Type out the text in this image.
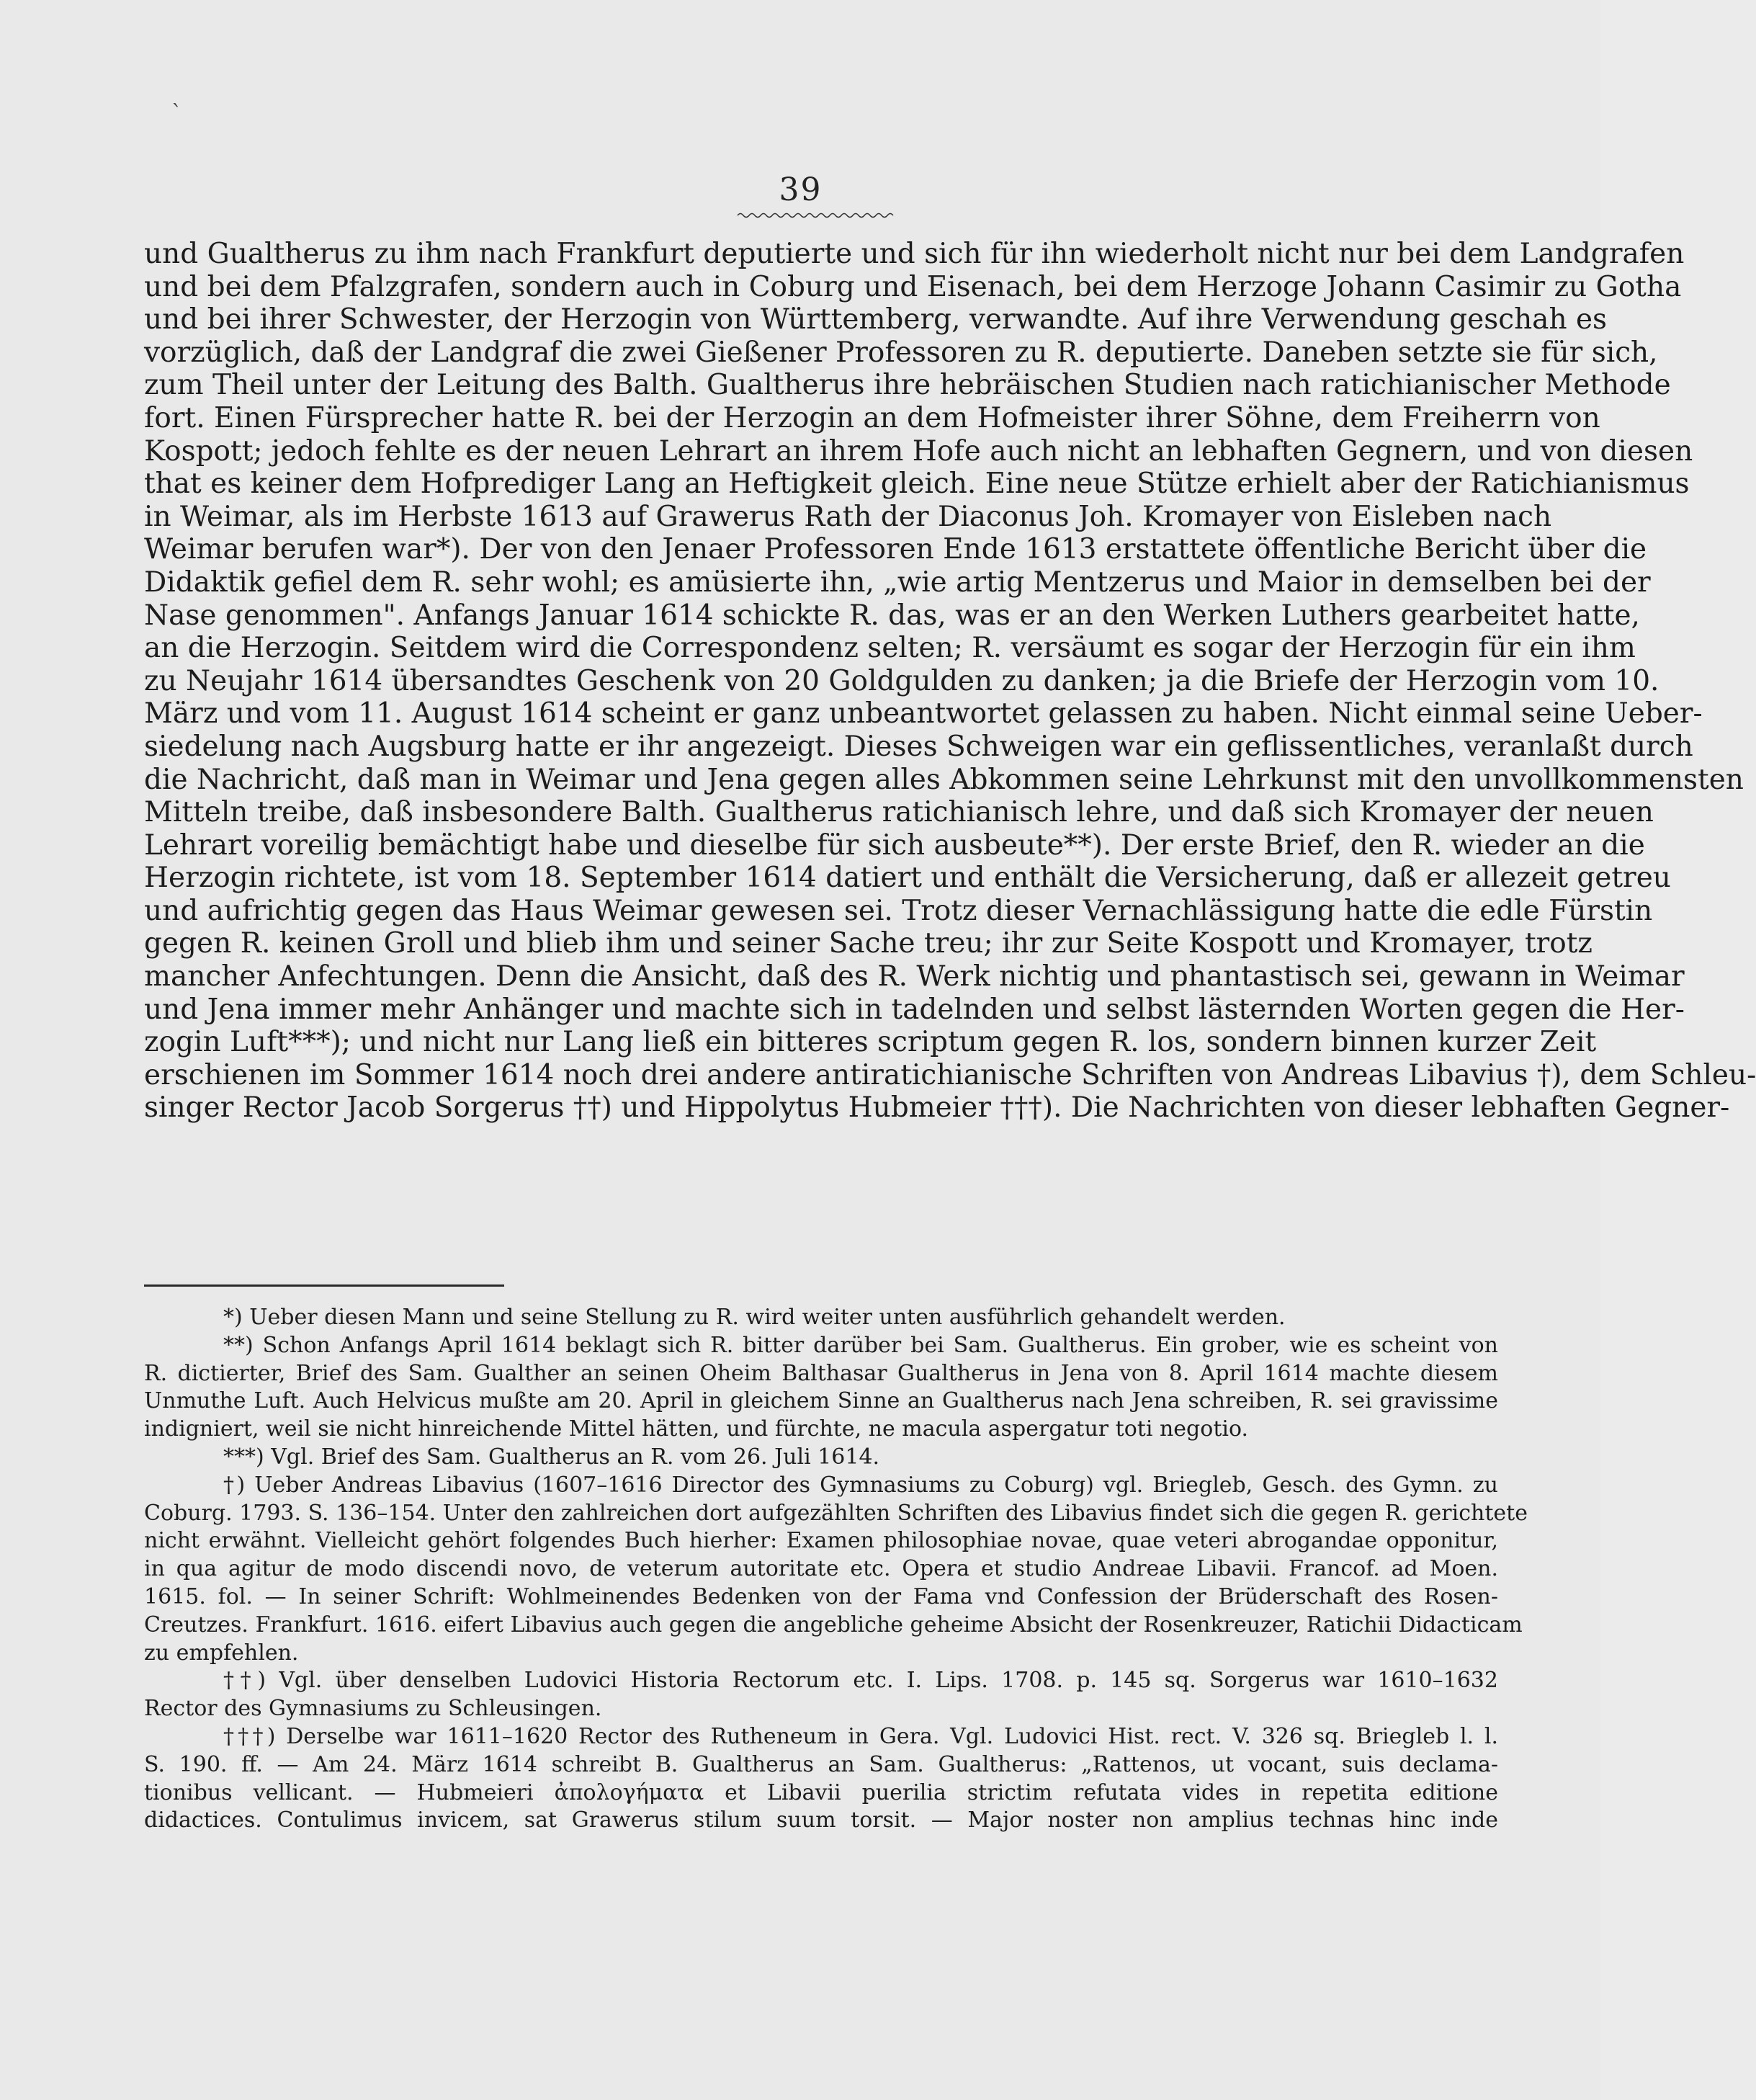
39
ˋ
und Gualtherus zu ihm nach Frankfurt deputierte und sich für ihn wiederholt nicht nur bei dem Landgrafen
und bei dem Pfalzgrafen, sondern auch in Coburg und Eisenach, bei dem Herzoge Johann Casimir zu Gotha
und bei ihrer Schwester, der Herzogin von Württemberg, verwandte. Auf ihre Verwendung geschah es
vorzüglich, daß der Landgraf die zwei Gießener Professoren zu R. deputierte. Daneben setzte sie für sich,
zum Theil unter der Leitung des Balth. Gualtherus ihre hebräischen Studien nach ratichianischer Methode
fort. Einen Fürsprecher hatte R. bei der Herzogin an dem Hofmeister ihrer Söhne, dem Freiherrn von
Kospott; jedoch fehlte es der neuen Lehrart an ihrem Hofe auch nicht an lebhaften Gegnern, und von diesen
that es keiner dem Hofprediger Lang an Heftigkeit gleich. Eine neue Stütze erhielt aber der Ratichianismus
in Weimar, als im Herbste 1613 auf Grawerus Rath der Diaconus Joh. Kromayer von Eisleben nach
Weimar berufen war*). Der von den Jenaer Professoren Ende 1613 erstattete öffentliche Bericht über die
Didaktik gefiel dem R. sehr wohl; es amüsierte ihn, „wie artig Mentzerus und Maior in demselben bei der
Nase genommen". Anfangs Januar 1614 schickte R. das, was er an den Werken Luthers gearbeitet hatte,
an die Herzogin. Seitdem wird die Correspondenz selten; R. versäumt es sogar der Herzogin für ein ihm
zu Neujahr 1614 übersandtes Geschenk von 20 Goldgulden zu danken; ja die Briefe der Herzogin vom 10.
März und vom 11. August 1614 scheint er ganz unbeantwortet gelassen zu haben. Nicht einmal seine Ueber-
siedelung nach Augsburg hatte er ihr angezeigt. Dieses Schweigen war ein geflissentliches, veranlaßt durch
die Nachricht, daß man in Weimar und Jena gegen alles Abkommen seine Lehrkunst mit den unvollkommensten
Mitteln treibe, daß insbesondere Balth. Gualtherus ratichianisch lehre, und daß sich Kromayer der neuen
Lehrart voreilig bemächtigt habe und dieselbe für sich ausbeute**). Der erste Brief, den R. wieder an die
Herzogin richtete, ist vom 18. September 1614 datiert und enthält die Versicherung, daß er allezeit getreu
und aufrichtig gegen das Haus Weimar gewesen sei. Trotz dieser Vernachlässigung hatte die edle Fürstin
gegen R. keinen Groll und blieb ihm und seiner Sache treu; ihr zur Seite Kospott und Kromayer, trotz
mancher Anfechtungen. Denn die Ansicht, daß des R. Werk nichtig und phantastisch sei, gewann in Weimar
und Jena immer mehr Anhänger und machte sich in tadelnden und selbst lästernden Worten gegen die Her-
zogin Luft***); und nicht nur Lang ließ ein bitteres scriptum gegen R. los, sondern binnen kurzer Zeit
erschienen im Sommer 1614 noch drei andere antiratichianische Schriften von Andreas Libavius †), dem Schleu-
singer Rector Jacob Sorgerus ††) und Hippolytus Hubmeier †††). Die Nachrichten von dieser lebhaften Gegner-
*) Ueber diesen Mann und seine Stellung zu R. wird weiter unten ausführlich gehandelt werden.
**) Schon Anfangs April 1614 beklagt sich R. bitter darüber bei Sam. Gualtherus. Ein grober, wie es scheint von
R. dictierter, Brief des Sam. Gualther an seinen Oheim Balthasar Gualtherus in Jena von 8. April 1614 machte diesem
Unmuthe Luft. Auch Helvicus mußte am 20. April in gleichem Sinne an Gualtherus nach Jena schreiben, R. sei gravissime
indigniert, weil sie nicht hinreichende Mittel hätten, und fürchte, ne macula aspergatur toti negotio.
***) Vgl. Brief des Sam. Gualtherus an R. vom 26. Juli 1614.
†) Ueber Andreas Libavius (1607–1616 Director des Gymnasiums zu Coburg) vgl. Briegleb, Gesch. des Gymn. zu
Coburg. 1793. S. 136–154. Unter den zahlreichen dort aufgezählten Schriften des Libavius findet sich die gegen R. gerichtete
nicht erwähnt. Vielleicht gehört folgendes Buch hierher: Examen philosophiae novae, quae veteri abrogandae opponitur,
in qua agitur de modo discendi novo, de veterum autoritate etc. Opera et studio Andreae Libavii. Francof. ad Moen.
1615. fol. — In seiner Schrift: Wohlmeinendes Bedenken von der Fama vnd Confession der Brüderschaft des Rosen-
Creutzes. Frankfurt. 1616. eifert Libavius auch gegen die angebliche geheime Absicht der Rosenkreuzer, Ratichii Didacticam
zu empfehlen.
††) Vgl. über denselben Ludovici Historia Rectorum etc. I. Lips. 1708. p. 145 sq. Sorgerus war 1610–1632
Rector des Gymnasiums zu Schleusingen.
†††) Derselbe war 1611–1620 Rector des Rutheneum in Gera. Vgl. Ludovici Hist. rect. V. 326 sq. Briegleb l. l.
S. 190. ff. — Am 24. März 1614 schreibt B. Gualtherus an Sam. Gualtherus: „Rattenos, ut vocant, suis declama-
tionibus vellicant. — Hubmeieri ἀπολογήματα et Libavii puerilia strictim refutata vides in repetita editione
didactices. Contulimus invicem, sat Grawerus stilum suum torsit. — Major noster non amplius technas hinc inde
